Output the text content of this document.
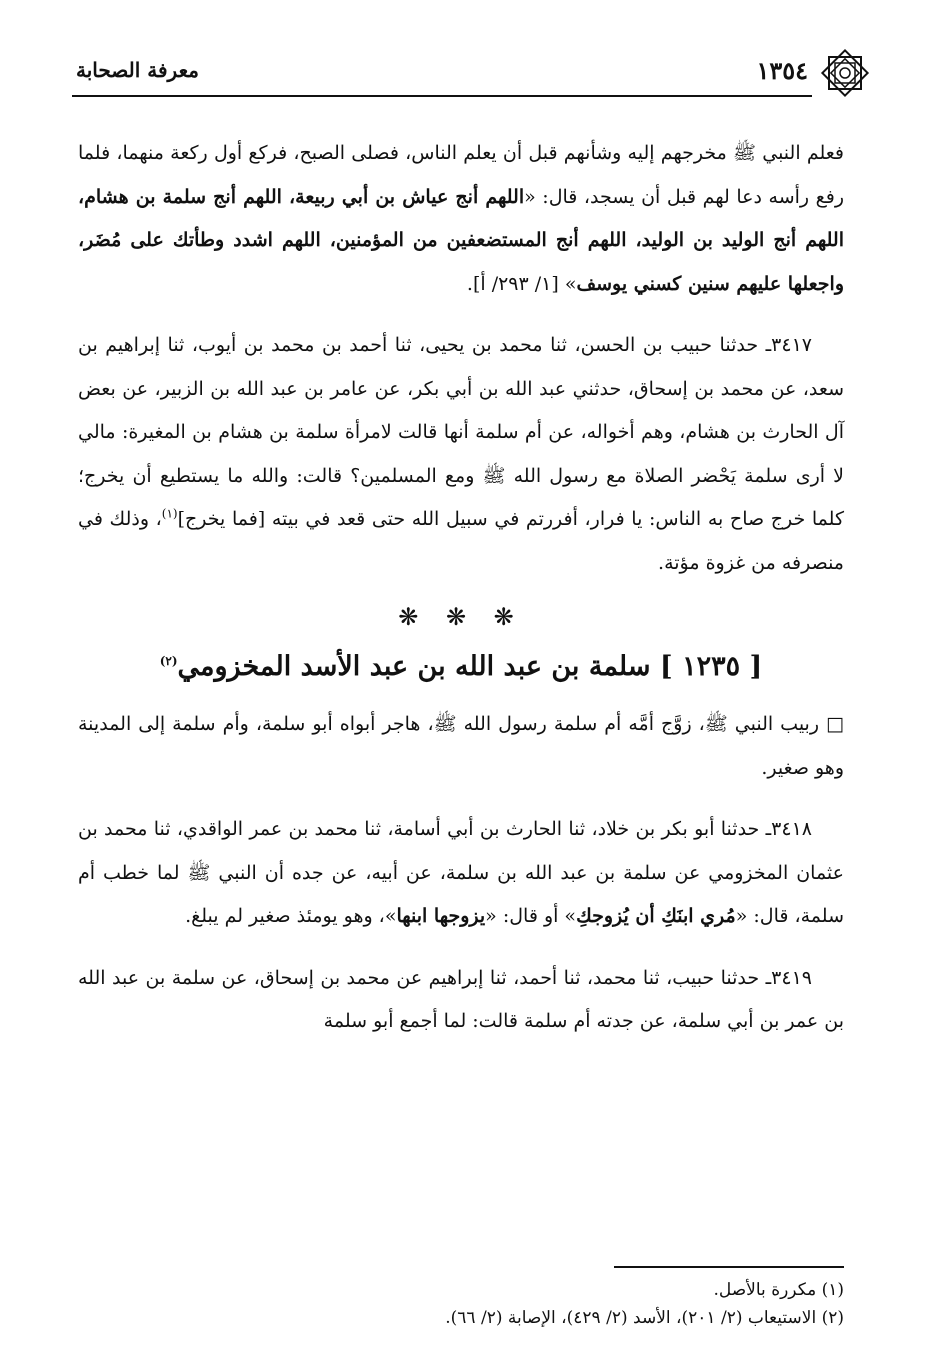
١٣٥٤
معرفة الصحابة

فعلم النبي ﷺ مخرجهم إليه وشأنهم قبل أن يعلم الناس، فصلى الصبح، فركع أول ركعة منهما، فلما رفع رأسه دعا لهم قبل أن يسجد، قال: «اللهم أنج عياش بن أبي ربيعة، اللهم أنج سلمة بن هشام، اللهم أنج الوليد بن الوليد، اللهم أنج المستضعفين من المؤمنين، اللهم اشدد وطأتك على مُضَر، واجعلها عليهم سنين كسني يوسف» [١/ ٢٩٣/ أ].

٣٤١٧ـ حدثنا حبيب بن الحسن، ثنا محمد بن يحيى، ثنا أحمد بن محمد بن أيوب، ثنا إبراهيم بن سعد، عن محمد بن إسحاق، حدثني عبد الله بن أبي بكر، عن عامر بن عبد الله بن الزبير، عن بعض آل الحارث بن هشام، وهم أخواله، عن أم سلمة أنها قالت لامرأة سلمة بن هشام بن المغيرة: مالي لا أرى سلمة يَحْضر الصلاة مع رسول الله ﷺ ومع المسلمين؟ قالت: والله ما يستطيع أن يخرج؛ كلما خرج صاح به الناس: يا فرار، أفررتم في سبيل الله حتى قعد في بيته [فما يخرج]$^{(١)}$، وذلك في منصرفه من غزوة مؤتة.

❋ ❋ ❋
[ ١٢٣٥ ] سلمة بن عبد الله بن عبد الأسد المخزومي$^{(٢)}$

□ ربيب النبي ﷺ، زوَّج أمَّه أم سلمة رسول الله ﷺ، هاجر أبواه أبو سلمة، وأم سلمة إلى المدينة وهو صغير.

٣٤١٨ـ حدثنا أبو بكر بن خلاد، ثنا الحارث بن أبي أسامة، ثنا محمد بن عمر الواقدي، ثنا محمد بن عثمان المخزومي عن سلمة بن عبد الله بن سلمة، عن أبيه، عن جده أن النبي ﷺ لما خطب أم سلمة، قال: «مُري ابنَكِ أن يُزوجكِ» أو قال: «يزوجها ابنها»، وهو يومئذ صغير لم يبلغ.

٣٤١٩ـ حدثنا حبيب، ثنا محمد، ثنا أحمد، ثنا إبراهيم عن محمد بن إسحاق، عن سلمة بن عبد الله بن عمر بن أبي سلمة، عن جدته أم سلمة قالت: لما أجمع أبو سلمة

(١) مكررة بالأصل.
(٢) الاستيعاب (٢/ ٢٠١)، الأسد (٢/ ٤٢٩)، الإصابة (٢/ ٦٦).
